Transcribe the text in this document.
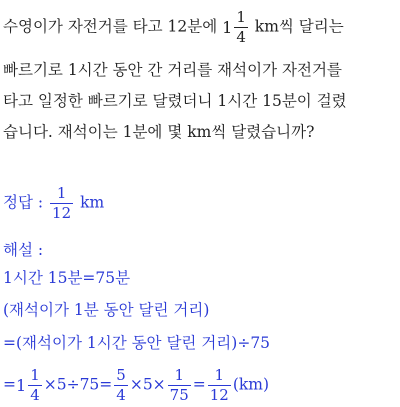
수영이가 자전거를 타고 12분에 $1 \frac{1}{4}$ km씩 달리는
빠르기로 1시간 동안 간 거리를 재석이가 자전거를
타고 일정한 빠르기로 달렸더니 1시간 15분이 걸렸
습니다. 재석이는 1분에 몇 km씩 달렸습니까?
정답 : $\frac{1}{12}$ km
해설 :
1시간 15분=75분
(재석이가 1분 동안 달린 거리)
=(재석이가 1시간 동안 달린 거리)÷75
$=1 \frac{1}{4} \times 5\div 75= \frac{5}{4} \times 5\times \frac{1}{75} = \frac{1}{12} (km)$
